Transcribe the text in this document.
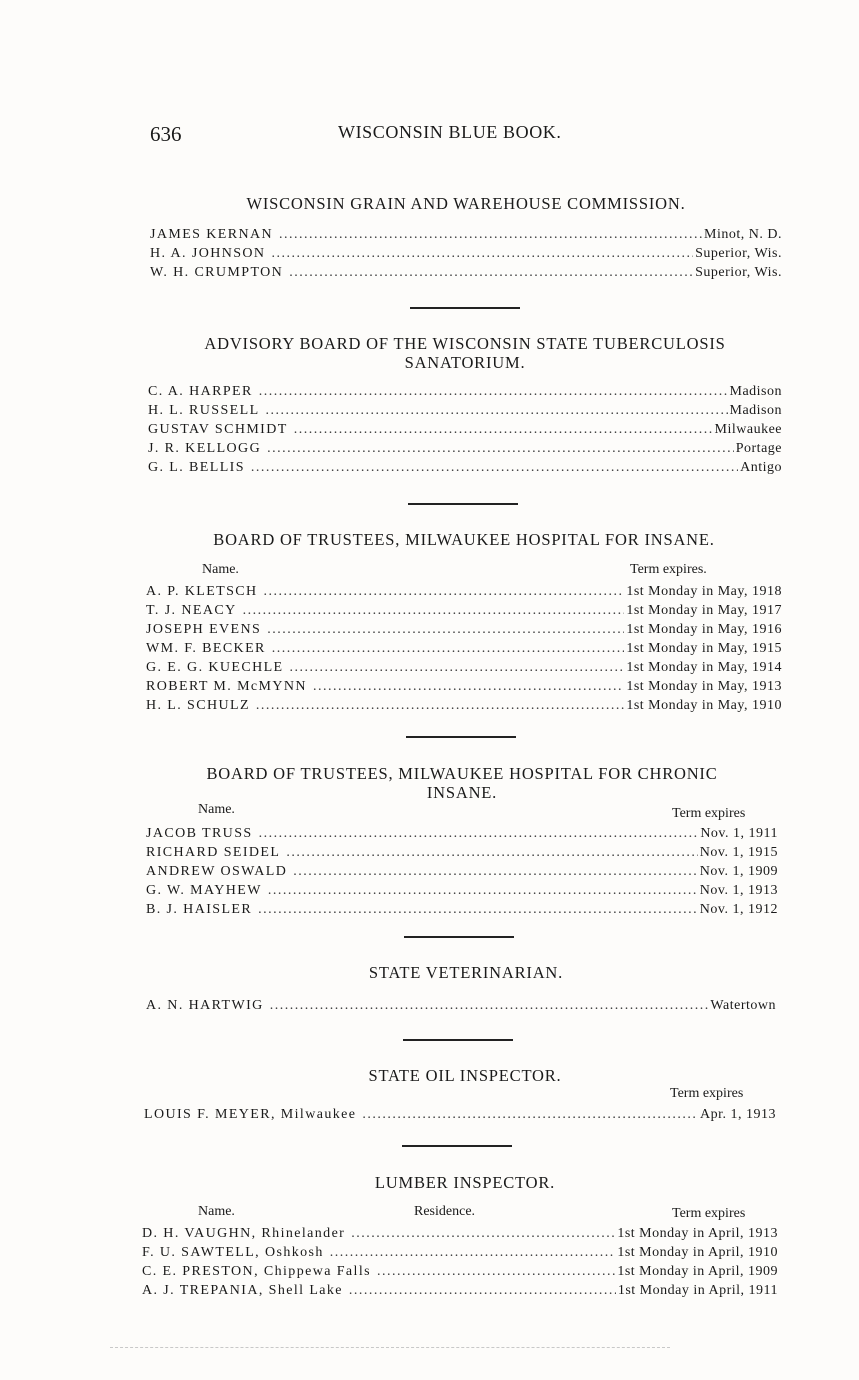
636	WISCONSIN BLUE BOOK.
WISCONSIN GRAIN AND WAREHOUSE COMMISSION.
JAMES KERNAN .....	Minot, N. D.
H. A. JOHNSON .....	Superior, Wis.
W. H. CRUMPTON .....	Superior, Wis.
ADVISORY BOARD OF THE WISCONSIN STATE TUBERCULOSIS
SANATORIUM.
C. A. HARPER .....	Madison
H. L. RUSSELL .....	Madison
GUSTAV SCHMIDT .....	Milwaukee
J. R. KELLOGG .....	Portage
G. L. BELLIS .....	Antigo
BOARD OF TRUSTEES, MILWAUKEE HOSPITAL FOR INSANE.
Name.	Term expires.
A. P. KLETSCH .....	1st Monday in May, 1918
T. J. NEACY .....	1st Monday in May, 1917
JOSEPH EVENS .....	1st Monday in May, 1916
WM. F. BECKER .....	1st Monday in May, 1915
G. E. G. KUECHLE .....	1st Monday in May, 1914
ROBERT M. McMYNN .....	1st Monday in May, 1913
H. L. SCHULZ .....	1st Monday in May, 1910
BOARD OF TRUSTEES, MILWAUKEE HOSPITAL FOR CHRONIC
INSANE.
Name.	Term expires
JACOB TRUSS .....	Nov. 1, 1911
RICHARD SEIDEL .....	Nov. 1, 1915
ANDREW OSWALD .....	Nov. 1, 1909
G. W. MAYHEW .....	Nov. 1, 1913
B. J. HAISLER .....	Nov. 1, 1912
STATE VETERINARIAN.
A. N. HARTWIG .....	Watertown
STATE OIL INSPECTOR.
Term expires
LOUIS F. MEYER, Milwaukee .....	Apr. 1, 1913
LUMBER INSPECTOR.
Name.	Residence.	Term expires
D. H. VAUGHN, Rhinelander .....	1st Monday in April, 1913
F. U. SAWTELL, Oshkosh .....	1st Monday in April, 1910
C. E. PRESTON, Chippewa Falls .....	1st Monday in April, 1909
A. J. TREPANIA, Shell Lake .....	1st Monday in April, 1911
